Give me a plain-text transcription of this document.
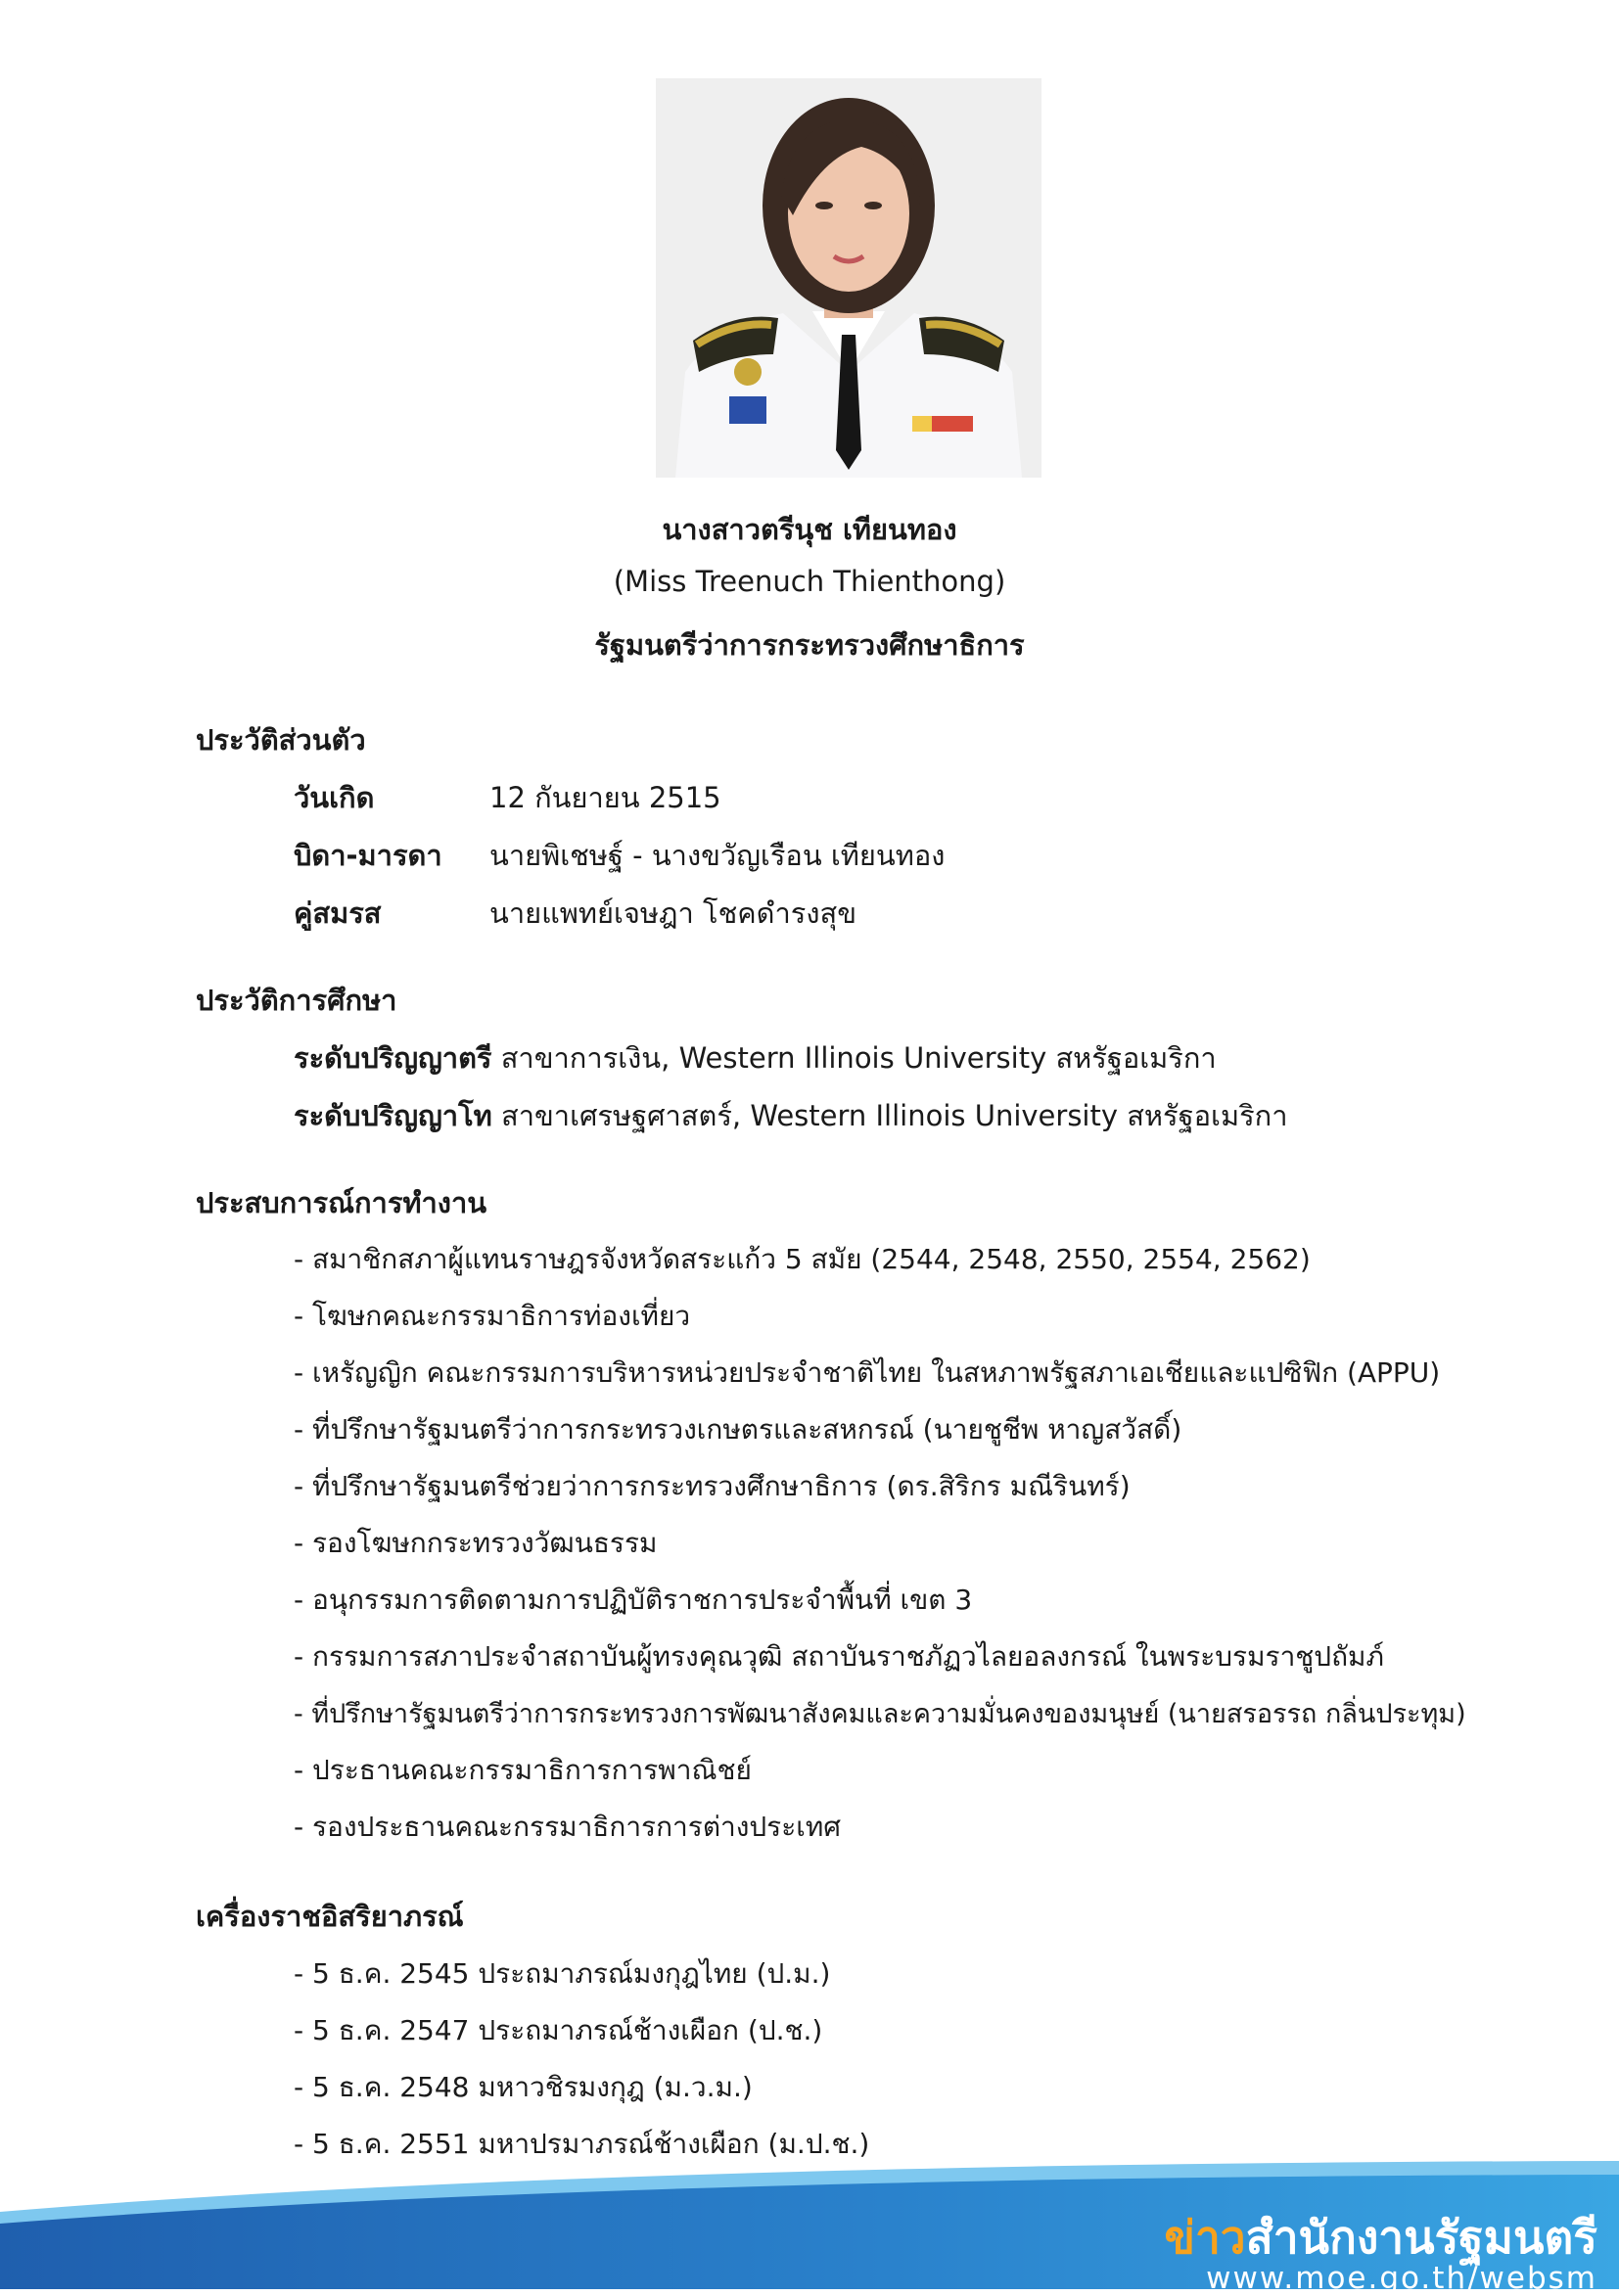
นางสาวตรีนุช เทียนทอง
(Miss Treenuch Thienthong)
รัฐมนตรีว่าการกระทรวงศึกษาธิการ
ประวัติส่วนตัว
วันเกิด	12 กันยายน 2515
บิดา-มารดา นายพิเชษฐ์ - นางขวัญเรือน เทียนทอง
คู่สมรส	นายแพทย์เจษฎา โชคดำรงสุข
ประวัติการศึกษา
ระดับปริญญาตรี สาขาการเงิน, Western Illinois University สหรัฐอเมริกา
ระดับปริญญาโท สาขาเศรษฐศาสตร์, Western Illinois University สหรัฐอเมริกา
ประสบการณ์การทำงาน
- สมาชิกสภาผู้แทนราษฎรจังหวัดสระแก้ว 5 สมัย (2544, 2548, 2550, 2554, 2562)
- โฆษกคณะกรรมาธิการท่องเที่ยว
- เหรัญญิก คณะกรรมการบริหารหน่วยประจำชาติไทย ในสหภาพรัฐสภาเอเชียและแปซิฟิก (APPU)
- ที่ปรึกษารัฐมนตรีว่าการกระทรวงเกษตรและสหกรณ์ (นายชูชีพ หาญสวัสดิ์)
- ที่ปรึกษารัฐมนตรีช่วยว่าการกระทรวงศึกษาธิการ (ดร.สิริกร มณีรินทร์)
- รองโฆษกกระทรวงวัฒนธรรม
- อนุกรรมการติดตามการปฏิบัติราชการประจำพื้นที่ เขต 3
- กรรมการสภาประจำสถาบันผู้ทรงคุณวุฒิ สถาบันราชภัฏวไลยอลงกรณ์ ในพระบรมราชูปถัมภ์
- ที่ปรึกษารัฐมนตรีว่าการกระทรวงการพัฒนาสังคมและความมั่นคงของมนุษย์ (นายสรอรรถ กลิ่นประทุม)
- ประธานคณะกรรมาธิการการพาณิชย์
- รองประธานคณะกรรมาธิการการต่างประเทศ
เครื่องราชอิสริยาภรณ์
- 5 ธ.ค. 2545 ประถมาภรณ์มงกุฎไทย (ป.ม.)
- 5 ธ.ค. 2547 ประถมาภรณ์ช้างเผือก (ป.ช.)
- 5 ธ.ค. 2548 มหาวชิรมงกุฎ (ม.ว.ม.)
- 5 ธ.ค. 2551 มหาปรมาภรณ์ช้างเผือก (ม.ป.ช.)
ข่าวสำนักงานรัฐมนตรี
www.moe.go.th/websm
